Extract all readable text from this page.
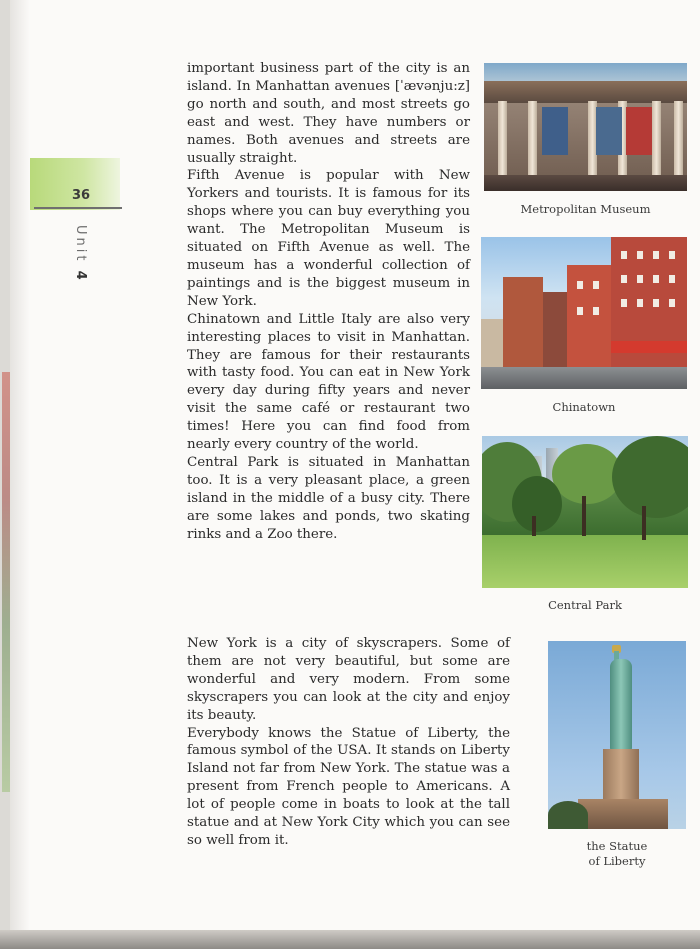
36
Unit 4

important business part of the city is an island. In Manhattan avenues [ˈævənju:z] go north and south, and most streets go east and west. They have numbers or names. Both avenues and streets are usually straight.

Fifth Avenue is popular with New Yorkers and tourists. It is famous for its shops where you can buy everything you want. The Metropolitan Museum is situated on Fifth Avenue as well. The museum has a wonderful collection of paintings and is the biggest museum in New York.

Chinatown and Little Italy are also very interesting places to visit in Manhattan. They are famous for their restaurants with tasty food. You can eat in New York every day during fifty years and never visit the same café or restaurant two times! Here you can find food from nearly every country of the world.

Central Park is situated in Manhattan too. It is a very pleasant place, a green island in the middle of a busy city. There are some lakes and ponds, two skating rinks and a Zoo there.

New York is a city of skyscrapers. Some of them are not very beautiful, but some are wonderful and very modern. From some skyscrapers you can look at the city and enjoy its beauty.

Everybody knows the Statue of Liberty, the famous symbol of the USA. It stands on Liberty Island not far from New York. The statue was a present from French people to Americans. A lot of people come in boats to look at the tall statue and at New York City which you can see so well from it.

Metropolitan Museum
Chinatown
Central Park
the Statue
of Liberty
